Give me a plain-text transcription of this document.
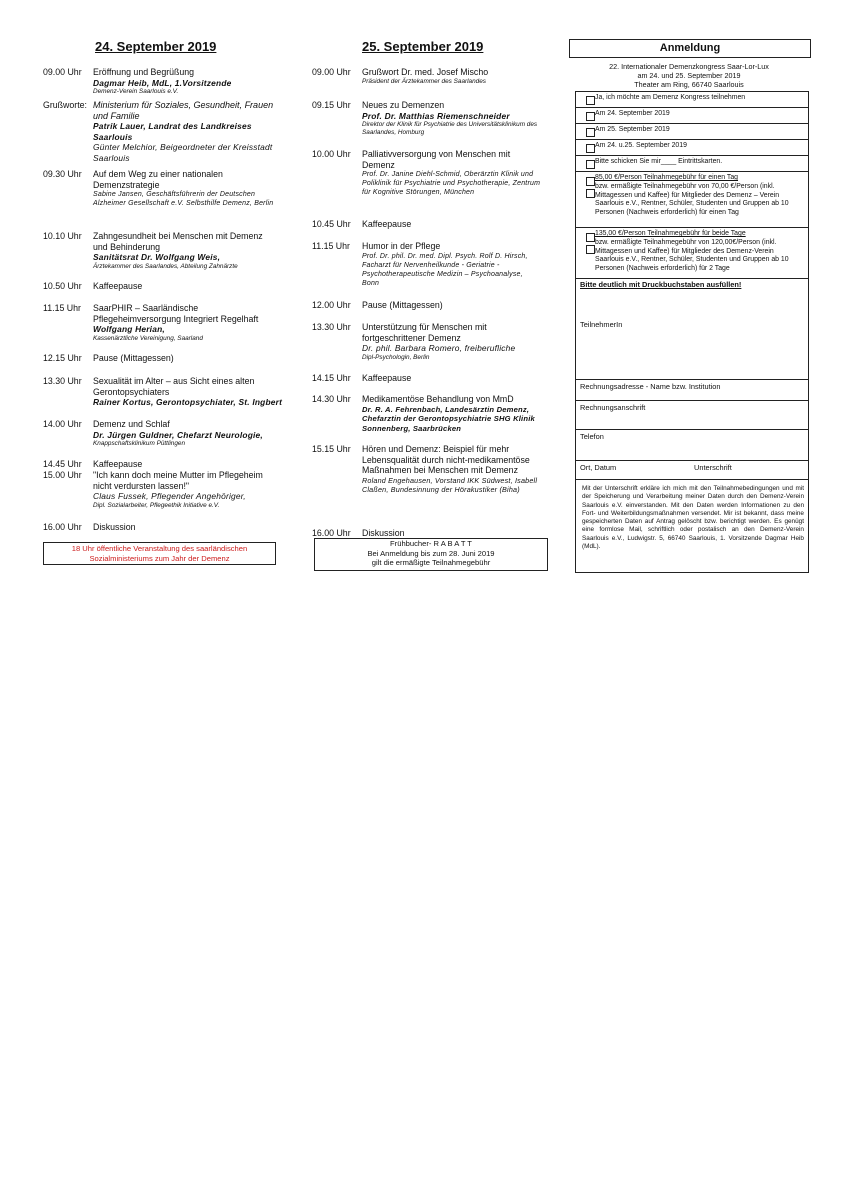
24. September 2019
09.00 Uhr Eröffnung und Begrüßung
Dagmar Heib, MdL, 1.Vorsitzende
Demenz-Verein Saarlouis e.V.
Grußworte: Ministerium für Soziales, Gesundheit, Frauen und Familie
Patrik Lauer, Landrat des Landkreises Saarlouis
Günter Melchior, Beigeordneter der Kreisstadt Saarlouis
09.30 Uhr Auf dem Weg zu einer nationalen Demenzstrategie
Sabine Jansen, Geschäftsführerin der Deutschen Alzheimer Gesellschaft e.V. Selbsthilfe Demenz, Berlin
10.10 Uhr Zahngesundheit bei Menschen mit Demenz und Behinderung
Sanitätsrat Dr. Wolfgang Weis,
Ärztekammer des Saarlandes, Abteilung Zahnärzte
10.50 Uhr Kaffeepause
11.15 Uhr SaarPHIR – Saarländische Pflegeheimversorgung Integriert Regelhaft
Wolfgang Herian,
Kassenärztliche Vereinigung, Saarland
12.15 Uhr Pause (Mittagessen)
13.30 Uhr Sexualität im Alter – aus Sicht eines alten Gerontopsychiaters
Rainer Kortus, Gerontopsychiater, St. Ingbert
14.00 Uhr Demenz und Schlaf
Dr. Jürgen Guldner, Chefarzt Neurologie,
Knappschaftsklinikum Püttlingen
14.45 Uhr Kaffeepause
15.00 Uhr "Ich kann doch meine Mutter im Pflegeheim nicht verdursten lassen!"
Claus Fussek, Pflegender Angehöriger,
Dipl. Sozialarbeiter, Pflegeethik Initiative e.V.
16.00 Uhr Diskussion
18 Uhr öffentliche Veranstaltung des saarländischen Sozialministeriums zum Jahr der Demenz
25. September 2019
09.00 Uhr Grußwort Dr. med. Josef Mischo
Präsident der Ärztekammer des Saarlandes
09.15 Uhr Neues zu Demenzen
Prof. Dr. Matthias Riemenschneider
Direktor der Klinik für Psychiatrie des Universitätsklinikum des Saarlandes, Homburg
10.00 Uhr Palliativversorgung von Menschen mit Demenz
Prof. Dr. Janine Diehl-Schmid, Oberärztin Klinik und Poliklinik für Psychiatrie und Psychotherapie, Zentrum für Kognitive Störungen, München
10.45 Uhr Kaffeepause
11.15 Uhr Humor in der Pflege
Prof. Dr. phil. Dr. med. Dipl. Psych. Rolf D. Hirsch, Facharzt für Nervenheilkunde - Geriatrie - Psychotherapeutische Medizin – Psychoanalyse, Bonn
12.00 Uhr Pause (Mittagessen)
13.30 Uhr Unterstützung für Menschen mit fortgeschrittener Demenz
Dr. phil. Barbara Romero, freiberufliche
Dipl-Psychologin, Berlin
14.15 Uhr Kaffeepause
14.30 Uhr Medikamentöse Behandlung von MmD
Dr. R. A. Fehrenbach, Landesärztin Demenz, Chefarztin der Gerontopsychiatrie SHG Klinik Sonnenberg, Saarbrücken
15.15 Uhr Hören und Demenz: Beispiel für mehr Lebensqualität durch nicht-medikamentöse Maßnahmen bei Menschen mit Demenz
Roland Engehausen, Vorstand IKK Südwest, Isabell Claßen, Bundesinnung der Hörakustiker (Biha)
16.00 Uhr Diskussion
Frühbucher- R A B A T T
Bei Anmeldung bis zum 28. Juni 2019
gilt die ermäßigte Teilnahmegebühr
Anmeldung
22. Internationaler Demenzkongress Saar-Lor-Lux
am 24. und 25. September 2019
Theater am Ring, 66740 Saarlouis
Ja, ich möchte am Demenz Kongress teilnehmen
Am 24. September 2019
Am 25. September 2019
Am 24. u.25. September 2019
Bitte schicken Sie mir____ Eintrittskarten.
85,00 €/Person Teilnahmegebühr für einen Tag
bzw. ermäßigte Teilnahmegebühr von 70,00 €/Person (inkl. Mittagessen und Kaffee) für Mitglieder des Demenz – Verein Saarlouis e.V., Rentner, Schüler, Studenten und Gruppen ab 10 Personen (Nachweis erforderlich) für einen Tag
135,00 €/Person Teilnahmegebühr für beide Tage
bzw. ermäßigte Teilnahmegebühr von 120,00€/Person (inkl. Mittagessen und Kaffee) für Mitglieder des Demenz-Verein Saarlouis e.V., Rentner, Schüler, Studenten und Gruppen ab 10 Personen (Nachweis erforderlich) für 2 Tage
Bitte deutlich mit Druckbuchstaben ausfüllen!
TeilnehmerIn
Rechnungsadresse - Name bzw. Institution
Rechnungsanschrift
Telefon
Ort, Datum	Unterschrift
Mit der Unterschrift erkläre ich mich mit den Teilnahmebedingungen und mit der Speicherung und Verarbeitung meiner Daten durch den Demenz-Verein Saarlouis e.V. einverstanden. Mit den Daten werden Informationen zu den Fort- und Weiterbildungsmaßnahmen versendet. Mir ist bekannt, dass meine gespeicherten Daten auf Antrag gelöscht bzw. berichtigt werden. Es genügt eine formlose Mail, schriftlich oder postalisch an den Demenz-Verein Saarlouis e.V., Ludwigstr. 5, 66740 Saarlouis, 1. Vorsitzende Dagmar Heib (MdL).
